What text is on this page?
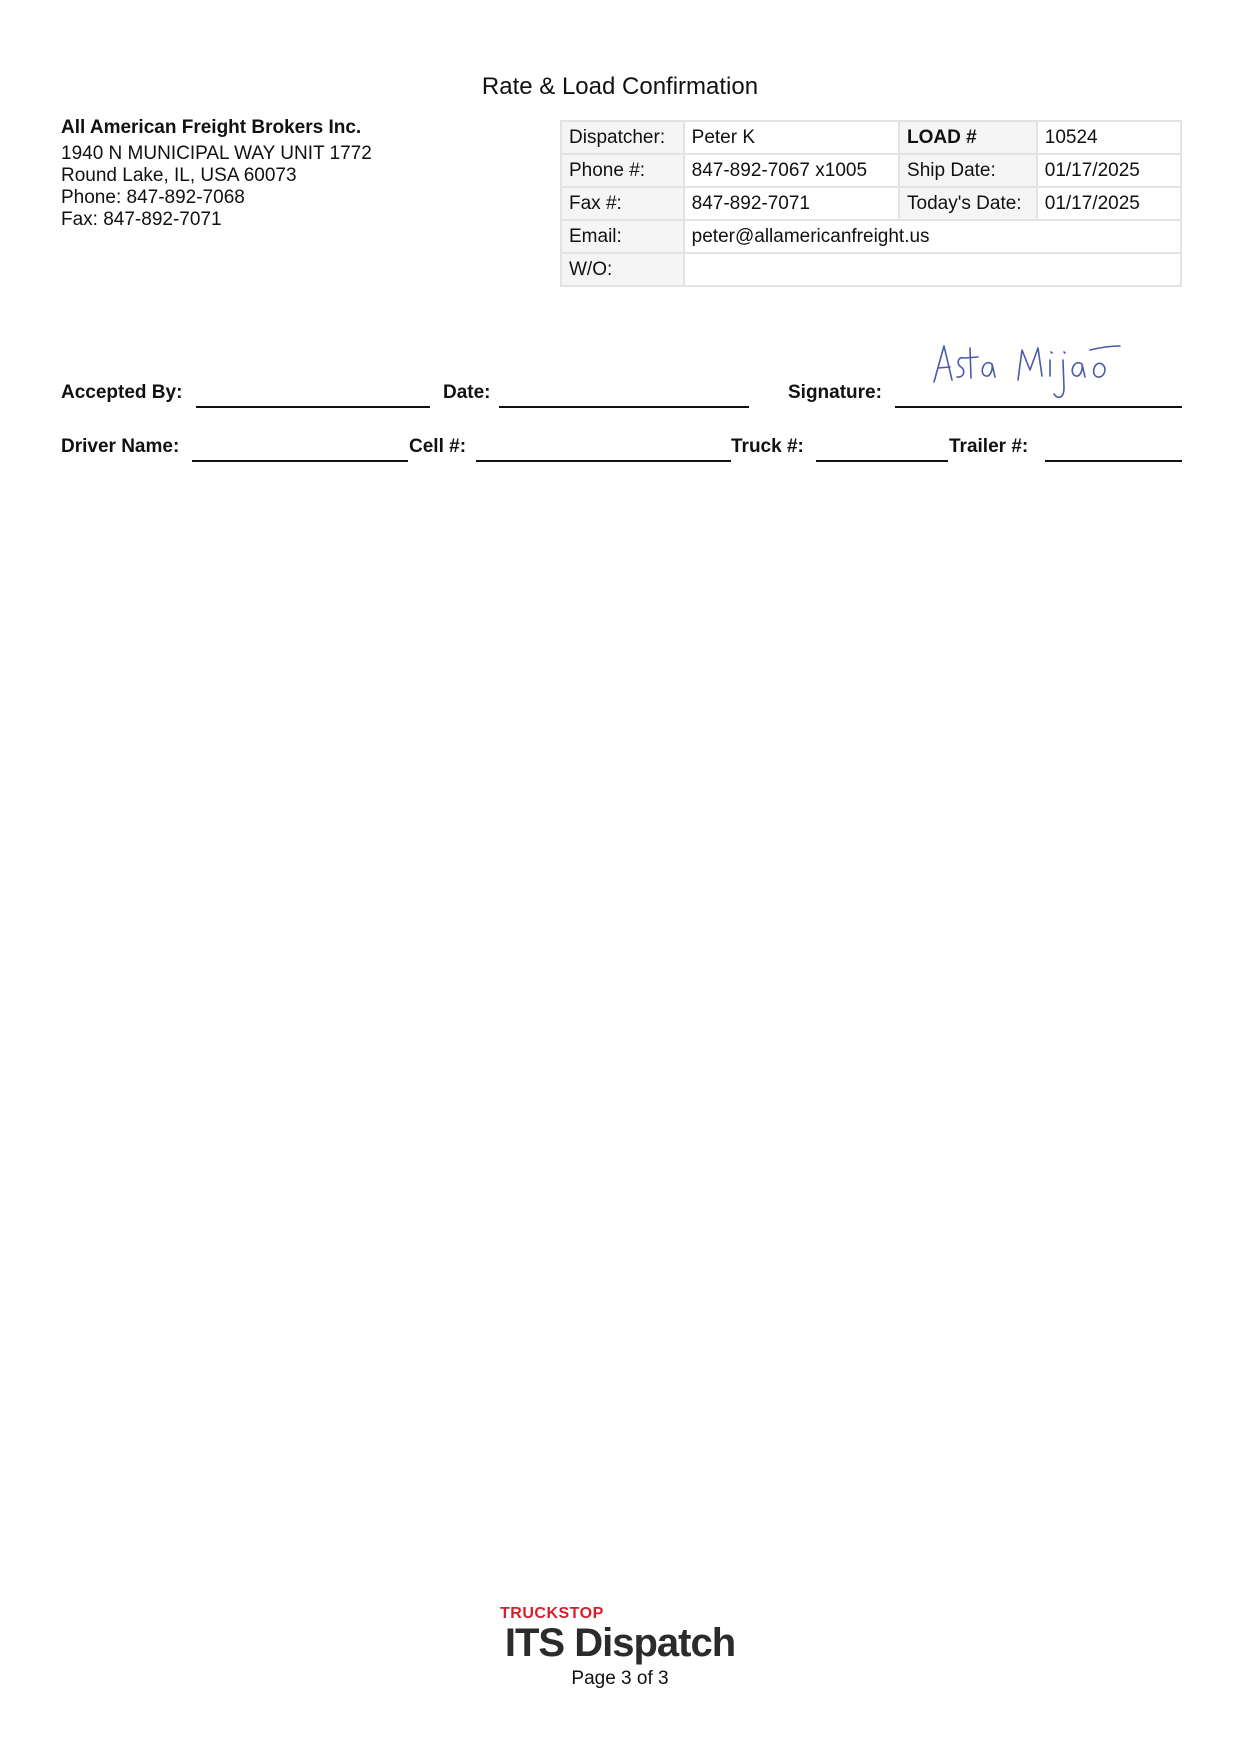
Rate & Load Confirmation
All American Freight Brokers Inc.
1940 N MUNICIPAL WAY UNIT 1772
Round Lake, IL, USA 60073
Phone: 847-892-7068
Fax: 847-892-7071
Dispatcher:	Peter K	LOAD #	10524
Phone #:	847-892-7067 x1005	Ship Date:	01/17/2025
Fax #:	847-892-7071	Today's Date:	01/17/2025
Email:	peter@allamericanfreight.us		
W/O:			
Accepted By:	Date:	Signature:
Driver Name:	Cell #:	Truck #:	Trailer #:
TRUCKSTOP
ITS Dispatch
Page 3 of 3
